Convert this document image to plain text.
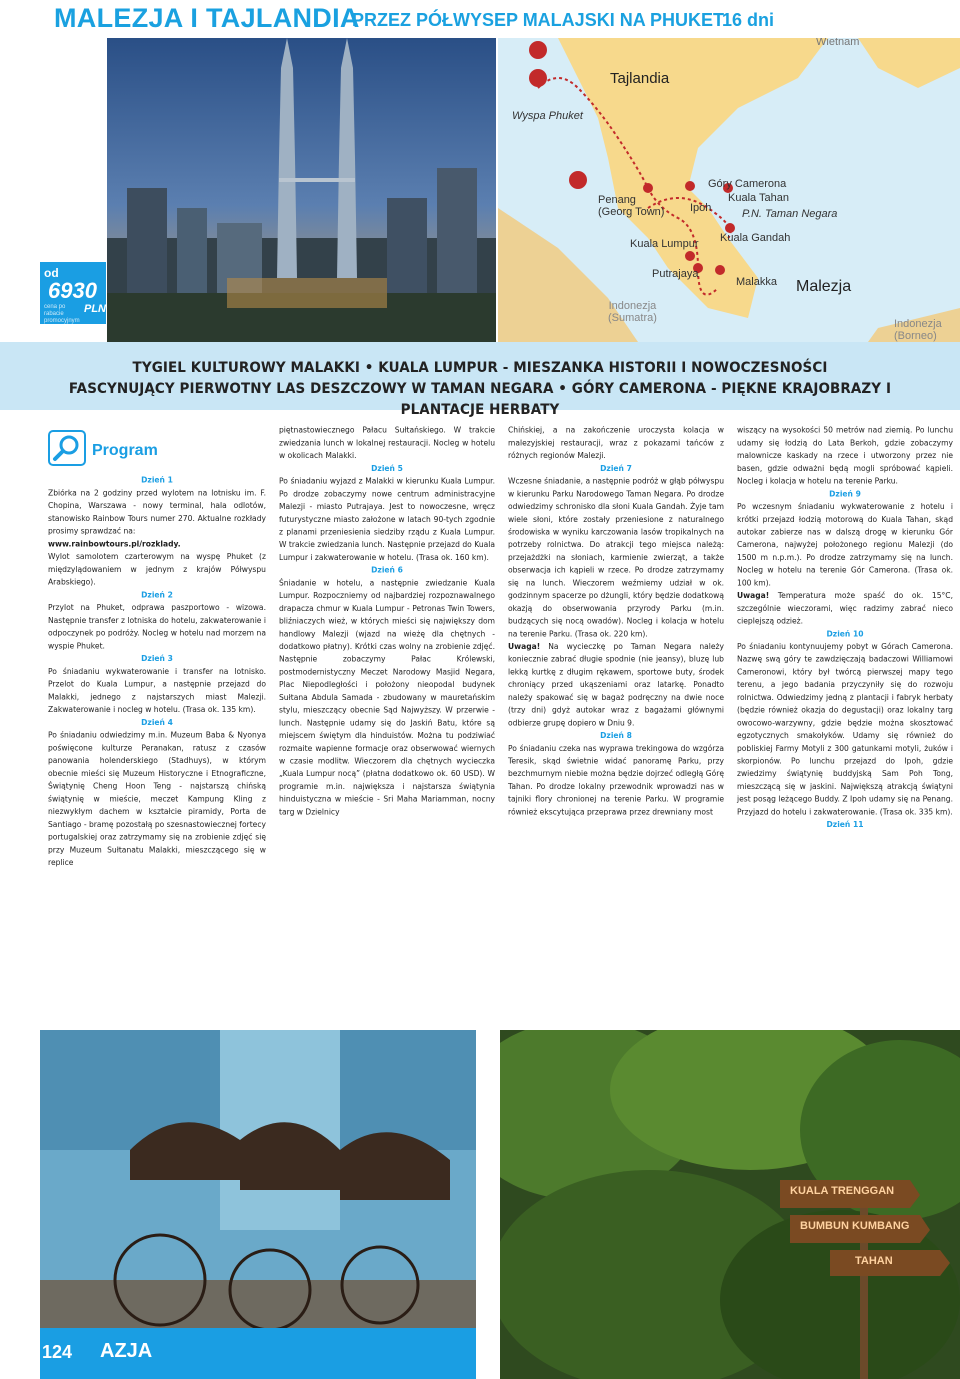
MALEZJA I TAJLANDIA
PRZEZ PÓŁWYSEP MALAJSKI NA PHUKET
16 dni
Wietnam
Tajlandia
Wyspa Phuket
Góry Camerona
Penang
(Georg Town) Ipoh
Kuala Tahan
P.N. Taman Negara
Kuala Lumpur Kuala Gandah
Putrajaya
Indonezja
(Sumatra)
Malakka Malezja
Indonezja
(Borneo)
od
6930
cena po rabacie promocyjnym
PLN
TYGIEL KULTUROWY MALAKKI • KUALA LUMPUR - MIESZANKA HISTORII I NOWOCZESNOŚCI
FASCYNUJĄCY PIERWOTNY LAS DESZCZOWY W TAMAN NEGARA • GÓRY CAMERONA - PIĘKNE KRAJOBRAZY I PLANTACJE HERBATY
Program
Dzień 1

Zbiórka na 2 godziny przed wylotem na lotnisku im. F. Chopina, Warszawa - nowy terminal, hala odlotów, stanowisko Rainbow Tours numer 270. Aktualne rozkłady prosimy sprawdzać na:

www.rainbowtours.pl/rozklady.

Wylot samolotem czarterowym na wyspę Phuket (z międzylądowaniem w jednym z krajów Półwyspu Arabskiego).

Dzień 2

Przylot na Phuket, odprawa paszportowo - wizowa. Następnie transfer z lotniska do hotelu, zakwaterowanie i odpoczynek po podróży. Nocleg w hotelu nad morzem na wyspie Phuket.

Dzień 3

Po śniadaniu wykwaterowanie i transfer na lotnisko. Przelot do Kuala Lumpur, a następnie przejazd do Malakki, jednego z najstarszych miast Malezji. Zakwaterowanie i nocleg w hotelu. (Trasa ok. 135 km).

Dzień 4

Po śniadaniu odwiedzimy m.in. Muzeum Baba & Nyonya poświęcone kulturze Peranakan, ratusz z czasów panowania holenderskiego (Stadhuys), w którym obecnie mieści się Muzeum Historyczne i Etnograficzne, Świątynię Cheng Hoon Teng - najstarszą chińską świątynię w mieście, meczet Kampung Kling z niezwykłym dachem w kształcie piramidy, Porta de Santiago - bramę pozostałą po szesnastowiecznej fortecy portugalskiej oraz zatrzymamy się na zrobienie zdjęć się przy Muzeum Sułtanatu Malakki, mieszczącego się w replice

piętnastowiecznego Pałacu Sułtańskiego. W trakcie zwiedzania lunch w lokalnej restauracji. Nocleg w hotelu w okolicach Malakki.

Dzień 5

Po śniadaniu wyjazd z Malakki w kierunku Kuala Lumpur. Po drodze zobaczymy nowe centrum administracyjne Malezji - miasto Putrajaya. Jest to nowoczesne, wręcz futurystyczne miasto założone w latach 90-tych zgodnie z planami przeniesienia siedziby rządu z Kuala Lumpur. W trakcie zwiedzania lunch. Następnie przejazd do Kuala Lumpur i zakwaterowanie w hotelu. (Trasa ok. 160 km).

Dzień 6

Śniadanie w hotelu, a następnie zwiedzanie Kuala Lumpur. Rozpoczniemy od najbardziej rozpoznawalnego drapacza chmur w Kuala Lumpur - Petronas Twin Towers, bliźniaczych wież, w których mieści się największy dom handlowy Malezji (wjazd na wieżę dla chętnych - dodatkowo płatny). Krótki czas wolny na zrobienie zdjęć. Następnie zobaczymy Pałac Królewski, postmodernistyczny Meczet Narodowy Masjid Negara, Plac Niepodległości i położony nieopodal budynek Sułtana Abdula Samada - zbudowany w mauretańskim stylu, mieszczący obecnie Sąd Najwyższy. W przerwie - lunch. Następnie udamy się do Jaskiń Batu, które są miejscem świętym dla hinduistów. Można tu podziwiać rozmaite wapienne formacje oraz obserwować wiernych w czasie modlitw. Wieczorem dla chętnych wycieczka „Kuala Lumpur nocą” (płatna dodatkowo ok. 60 USD). W programie m.in. największa i najstarsza świątynia hinduistyczna w mieście - Sri Maha Mariamman, nocny targ w Dzielnicy

Chińskiej, a na zakończenie uroczysta kolacja w malezyjskiej restauracji, wraz z pokazami tańców z różnych regionów Malezji.

Dzień 7

Wczesne śniadanie, a następnie podróż w głąb półwyspu w kierunku Parku Narodowego Taman Negara. Po drodze odwiedzimy schronisko dla słoni Kuala Gandah. Żyje tam wiele słoni, które zostały przeniesione z naturalnego środowiska w wyniku karczowania lasów tropikalnych na potrzeby rolnictwa. Do atrakcji tego miejsca należą: przejażdżki na słoniach, karmienie zwierząt, a także obserwacja ich kąpieli w rzece. Po drodze zatrzymamy się na lunch. Wieczorem weźmiemy udział w ok. godzinnym spacerze po dżungli, który będzie dodatkową okazją do obserwowania przyrody Parku (m.in. budzących się nocą owadów). Nocleg i kolacja w hotelu na terenie Parku. (Trasa ok. 220 km).

Uwaga! Na wycieczkę po Taman Negara należy koniecznie zabrać długie spodnie (nie jeansy), bluzę lub lekką kurtkę z długim rękawem, sportowe buty, środek chroniący przed ukąszeniami oraz latarkę. Ponadto należy spakować się w bagaż podręczny na dwie noce (trzy dni) gdyż autokar wraz z bagażami głównymi odbierze grupę dopiero w Dniu 9.

Dzień 8

Po śniadaniu czeka nas wyprawa trekingowa do wzgórza Teresik, skąd świetnie widać panoramę Parku, przy bezchmurnym niebie można będzie dojrzeć odległą Górę Tahan. Po drodze lokalny przewodnik wprowadzi nas w tajniki flory chronionej na terenie Parku. W programie również ekscytująca przeprawa przez drewniany most

wiszący na wysokości 50 metrów nad ziemią. Po lunchu udamy się łodzią do Lata Berkoh, gdzie zobaczymy malownicze kaskady na rzece i utworzony przez nie basen, gdzie odważni będą mogli spróbować kąpieli. Nocleg i kolacja w hotelu na terenie Parku.

Dzień 9

Po wczesnym śniadaniu wykwaterowanie z hotelu i krótki przejazd łodzią motorową do Kuala Tahan, skąd autokar zabierze nas w dalszą drogę w kierunku Gór Camerona, najwyżej położonego regionu Malezji (do 1500 m n.p.m.). Po drodze zatrzymamy się na lunch. Nocleg w hotelu na terenie Gór Camerona. (Trasa ok. 100 km).

Uwaga! Temperatura może spaść do ok. 15°C, szczególnie wieczorami, więc radzimy zabrać nieco cieplejszą odzież.

Dzień 10

Po śniadaniu kontynuujemy pobyt w Górach Camerona. Nazwę swą góry te zawdzięczają badaczowi Williamowi Cameronowi, który był twórcą pierwszej mapy tego terenu, a jego badania przyczyniły się do rozwoju rolnictwa. Odwiedzimy jedną z plantacji i fabryk herbaty (będzie również okazja do degustacji) oraz lokalny targ owocowo-warzywny, gdzie będzie można skosztować egzotycznych smakołyków. Udamy się również do pobliskiej Farmy Motyli z 300 gatunkami motyli, żuków i skorpionów. Po lunchu przejazd do Ipoh, gdzie zwiedzimy świątynię buddyjską Sam Poh Tong, mieszczącą się w jaskini. Największą atrakcją świątyni jest posąg leżącego Buddy. Z Ipoh udamy się na Penang. Przyjazd do hotelu i zakwaterowanie. (Trasa ok. 335 km).

Dzień 11
KUALA TRENGGAN
BUMBUN KUMBANG
TAHAN
124 AZJA
